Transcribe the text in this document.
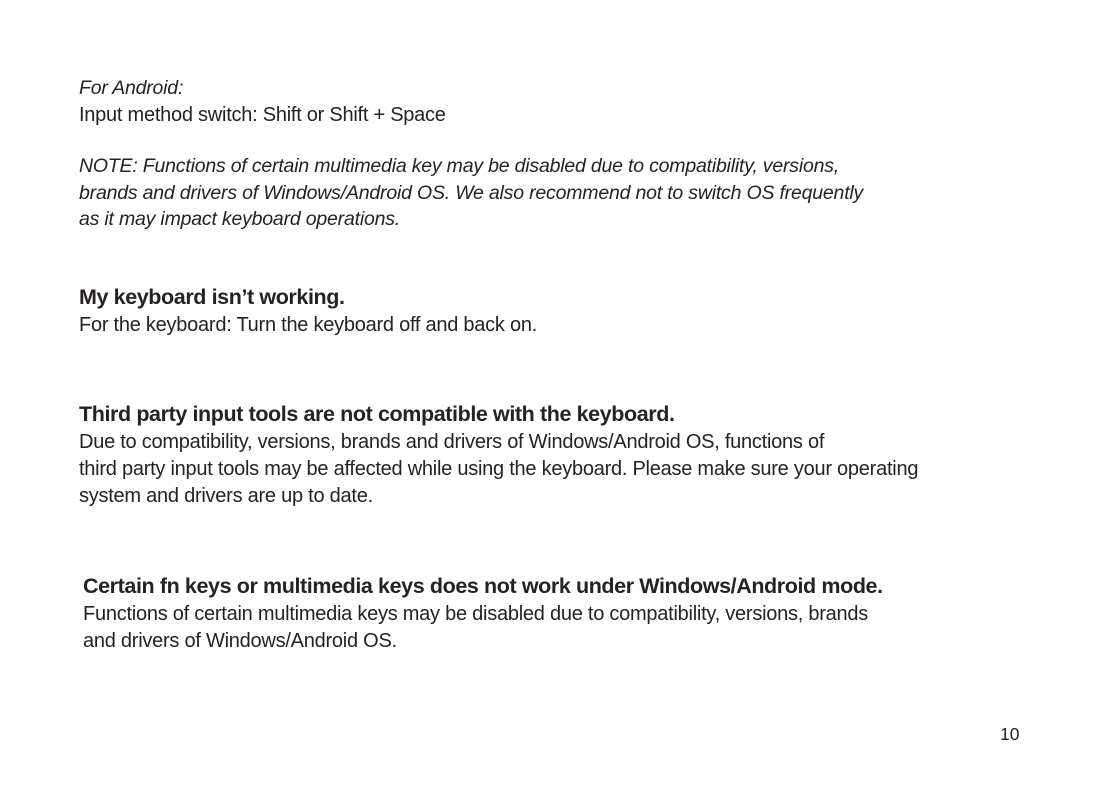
For Android:
Input method switch: Shift or Shift + Space
NOTE: Functions of certain multimedia key may be disabled due to compatibility, versions,
brands and drivers of Windows/Android OS. We also recommend not to switch OS frequently
as it may impact keyboard operations.
My keyboard isn’t working.
For the keyboard: Turn the keyboard off and back on.
Third party input tools are not compatible with the keyboard.
Due to compatibility, versions, brands and drivers of Windows/Android OS, functions of
third party input tools may be affected while using the keyboard. Please make sure your operating
system and drivers are up to date.
Certain fn keys or multimedia keys does not work under Windows/Android mode.
Functions of certain multimedia keys may be disabled due to compatibility, versions, brands
and drivers of Windows/Android OS.
10
